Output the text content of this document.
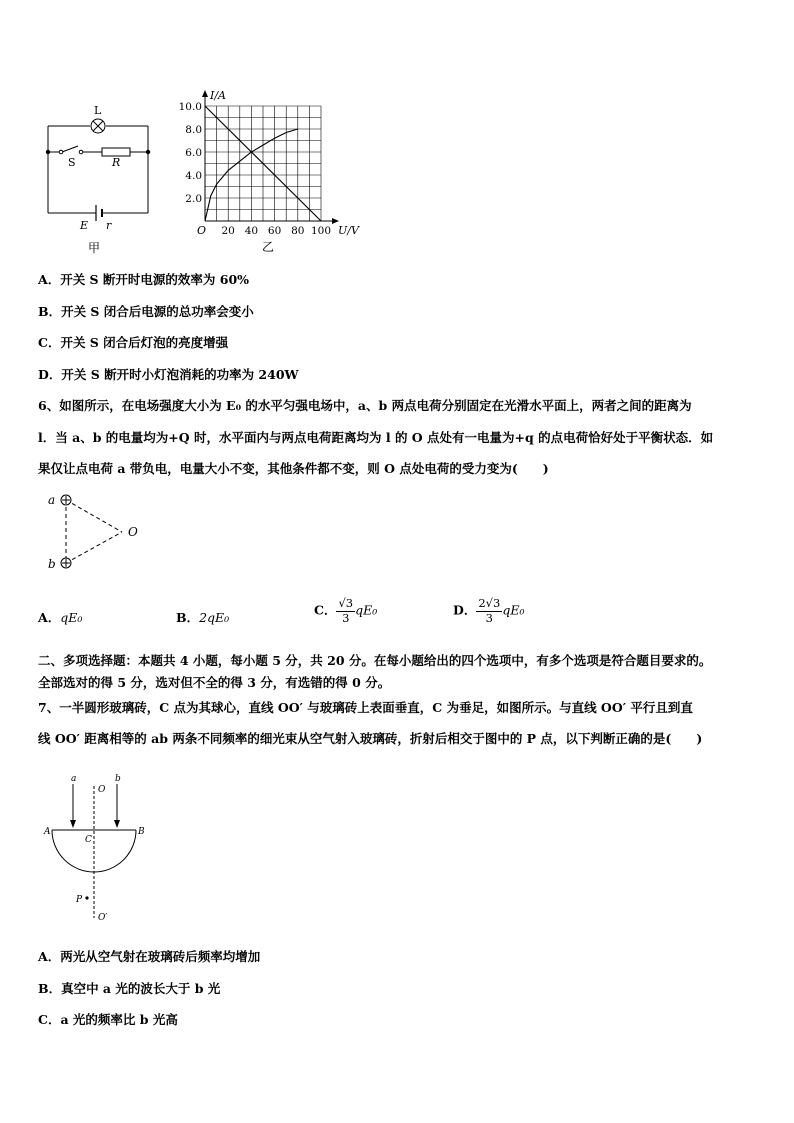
L
S	R
E r
甲
10.0
8.0
6.0
4.0
2.0
20 40 60 80 100
I/A
U/V
O
乙
A．开关 S 断开时电源的效率为 60%
B．开关 S 闭合后电源的总功率会变小
C．开关 S 闭合后灯泡的亮度增强
D．开关 S 断开时小灯泡消耗的功率为 240W
6、如图所示，在电场强度大小为 E₀ 的水平匀强电场中，a、b 两点电荷分别固定在光滑水平面上，两者之间的距离为
l．当 a、b 的电量均为+Q 时，水平面内与两点电荷距离均为 l 的 O 点处有一电量为+q 的点电荷恰好处于平衡状态．如
果仅让点电荷 a 带负电，电量大小不变，其他条件都不变，则 O 点处电荷的受力变为(　　)
a
b
O
A．qE₀	B．2qE₀	C． $\frac{√3}{3} qE_0$	D． $\frac{2√3}{3} qE_0$
二、多项选择题：本题共 4 小题，每小题 5 分，共 20 分。在每小题给出的四个选项中，有多个选项是符合题目要求的。
全部选对的得 5 分，选对但不全的得 3 分，有选错的得 0 分。
7、一半圆形玻璃砖，C 点为其球心，直线 OO′ 与玻璃砖上表面垂直，C 为垂足，如图所示。与直线 OO′ 平行且到直
线 OO′ 距离相等的 ab 两条不同频率的细光束从空气射入玻璃砖，折射后相交于图中的 P 点，以下判断正确的是(　　)
a	b
O
A	B
C
P
O′
A．两光从空气射在玻璃砖后频率均增加
B．真空中 a 光的波长大于 b 光
C．a 光的频率比 b 光高
